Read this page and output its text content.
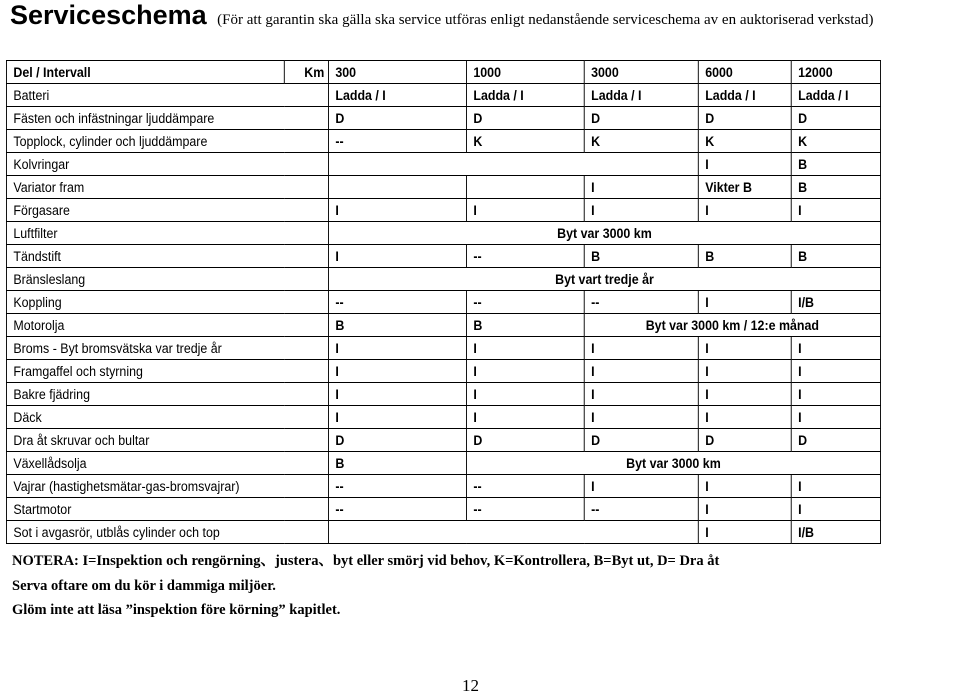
Serviceschema (För att garantin ska gälla ska service utföras enligt nedanstående serviceschema av en auktoriserad verkstad)
Del / Intervall	Km	300	1000	3000	6000	12000
Batteri		Ladda / I	Ladda / I	Ladda / I	Ladda / I	Ladda / I
Fästen och infästningar ljuddämpare		D	D	D	D	D
Topplock, cylinder och ljuddämpare		--	K	K	K	K
Kolvringar					I	B
Variator fram				I	Vikter B	B
Förgasare		I	I	I	I	I
Luftfilter		Byt var 3000 km				
Tändstift		I	--	B	B	B
Bränsleslang		Byt vart tredje år				
Koppling		--	--	--	I	I/B
Motorolja		B	B	Byt var 3000 km / 12:e månad		
Broms - Byt bromsvätska var tredje år		I	I	I	I	I
Framgaffel och styrning		I	I	I	I	I
Bakre fjädring		I	I	I	I	I
Däck		I	I	I	I	I
Dra åt skruvar och bultar		D	D	D	D	D
Växellådsolja		B	Byt var 3000 km			
Vajrar (hastighetsmätar-gas-bromsvajrar)		--	--	I	I	I
Startmotor		--	--	--	I	I
Sot i avgasrör, utblås cylinder och top					I	I/B
NOTERA: I=Inspektion och rengörning、justera、byt eller smörj vid behov, K=Kontrollera, B=Byt ut, D= Dra åt
Serva oftare om du kör i dammiga miljöer.
Glöm inte att läsa ”inspektion före körning” kapitlet.
12
